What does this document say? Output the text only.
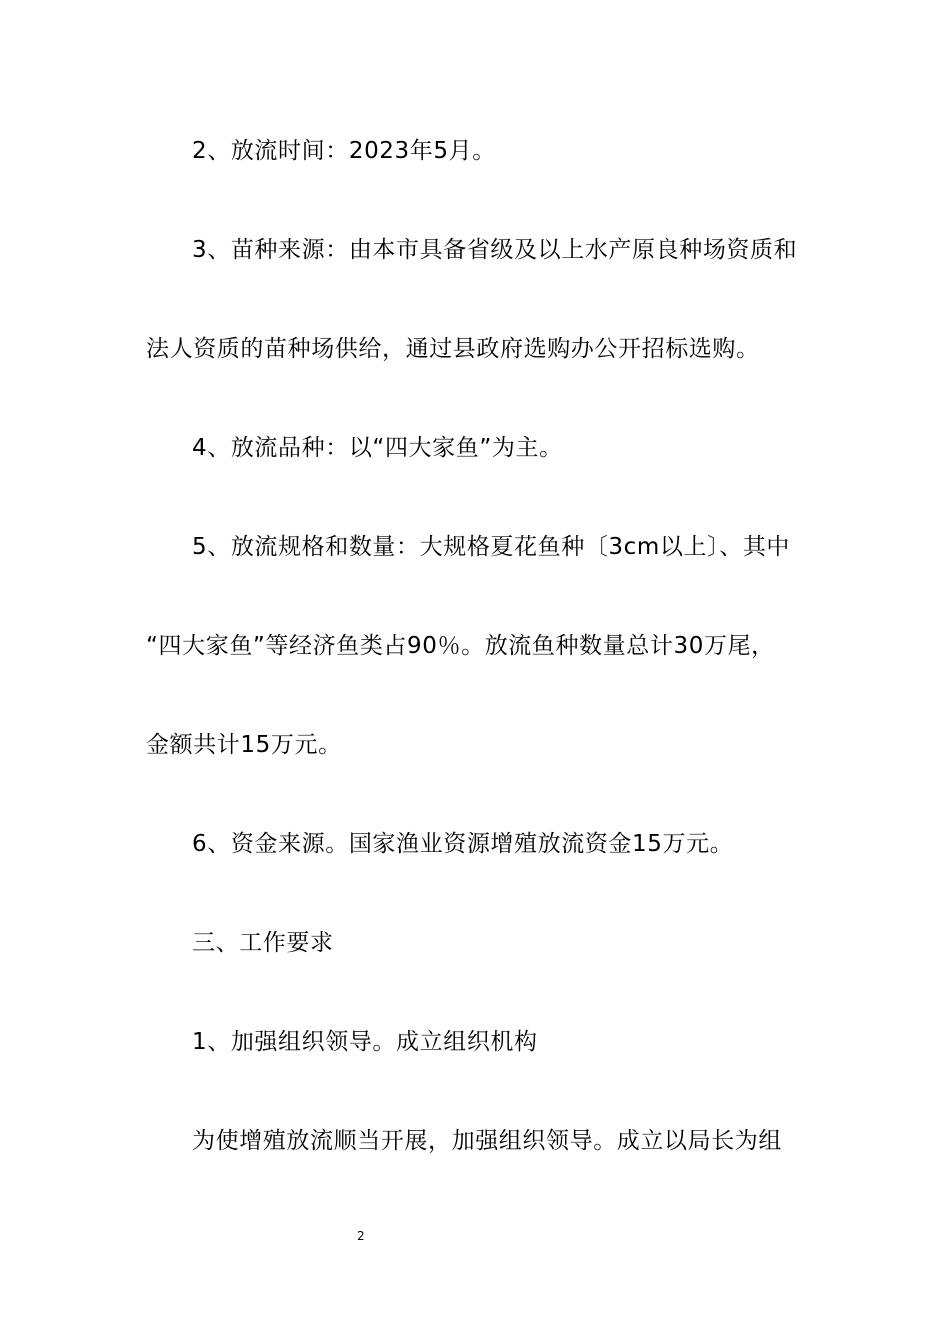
2、放流时间：2023年5月。
3、苗种来源：由本市具备省级及以上水产原良种场资质和
法人资质的苗种场供给，通过县政府选购办公开招标选购。
4、放流品种：以“四大家鱼”为主。
5、放流规格和数量：大规格夏花鱼种〔3cm以上〕、其中
“四大家鱼”等经济鱼类占90％。放流鱼种数量总计30万尾，
金额共计15万元。
6、资金来源。国家渔业资源增殖放流资金15万元。
三、工作要求
1、加强组织领导。成立组织机构
为使增殖放流顺当开展，加强组织领导。成立以局长为组
2
